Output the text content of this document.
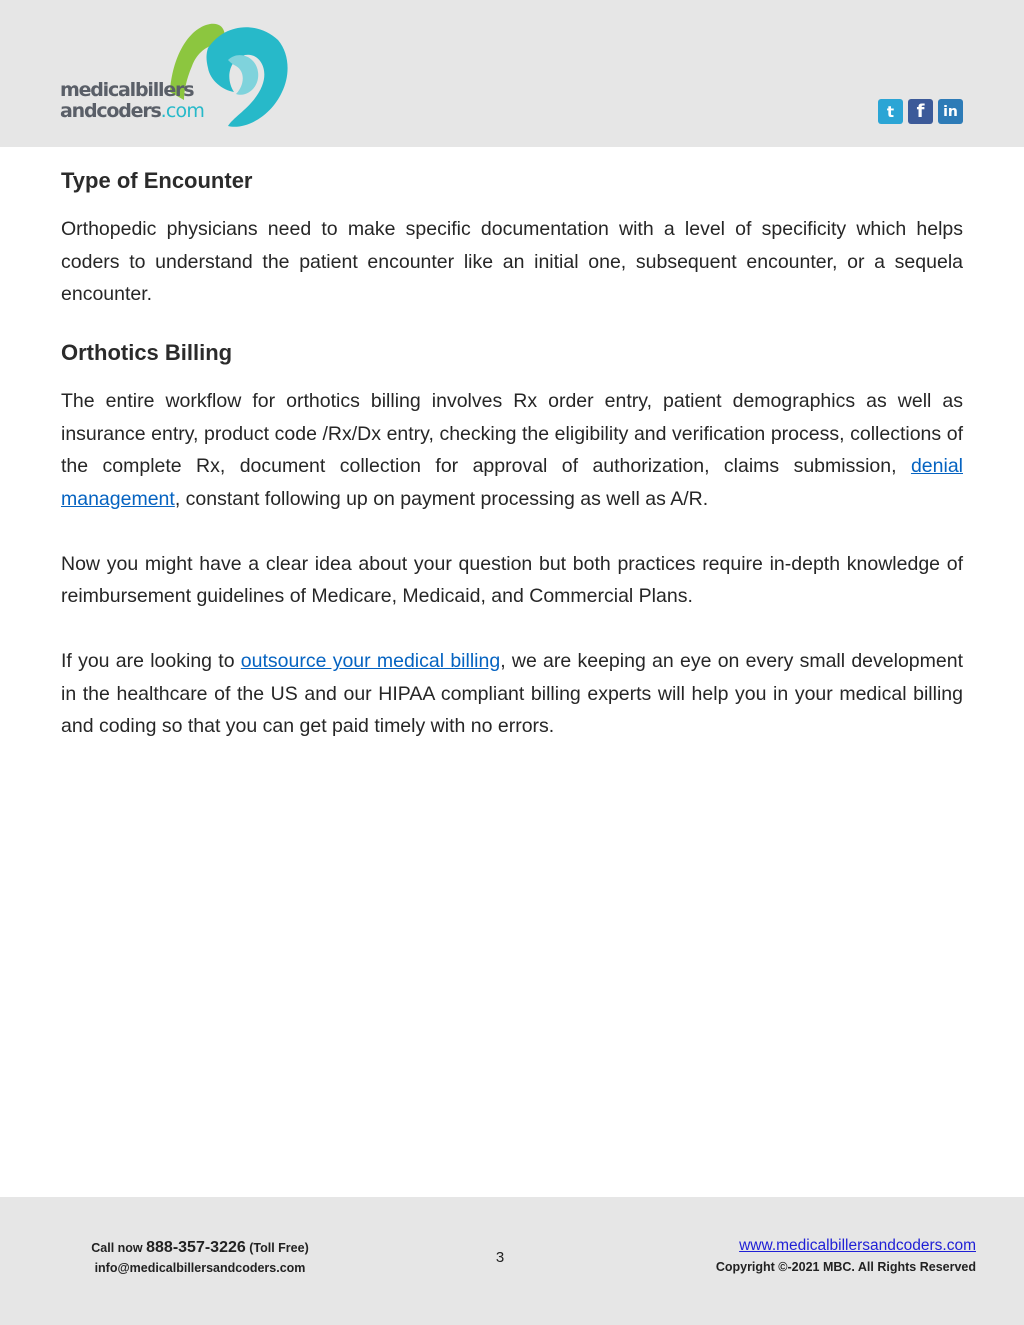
medicalbillers
andcoders.com	t	f	in
Type of Encounter

Orthopedic physicians need to make specific documentation with a level of specificity which helps coders to understand the patient encounter like an initial one, subsequent encounter, or a sequela encounter.

Orthotics Billing

The entire workflow for orthotics billing involves Rx order entry, patient demographics as well as insurance entry, product code /Rx/Dx entry, checking the eligibility and verification process, collections of the complete Rx, document collection for approval of authorization, claims submission, denial management, constant following up on payment processing as well as A/R.

Now you might have a clear idea about your question but both practices require in-depth knowledge of reimbursement guidelines of Medicare, Medicaid, and Commercial Plans.

If you are looking to outsource your medical billing, we are keeping an eye on every small development in the healthcare of the US and our HIPAA compliant billing experts will help you in your medical billing and coding so that you can get paid timely with no errors.

Call now 888-357-3226 (Toll Free)
info@medicalbillersandcoders.com
3
www.medicalbillersandcoders.com
Copyright ©-2021 MBC. All Rights Reserved
